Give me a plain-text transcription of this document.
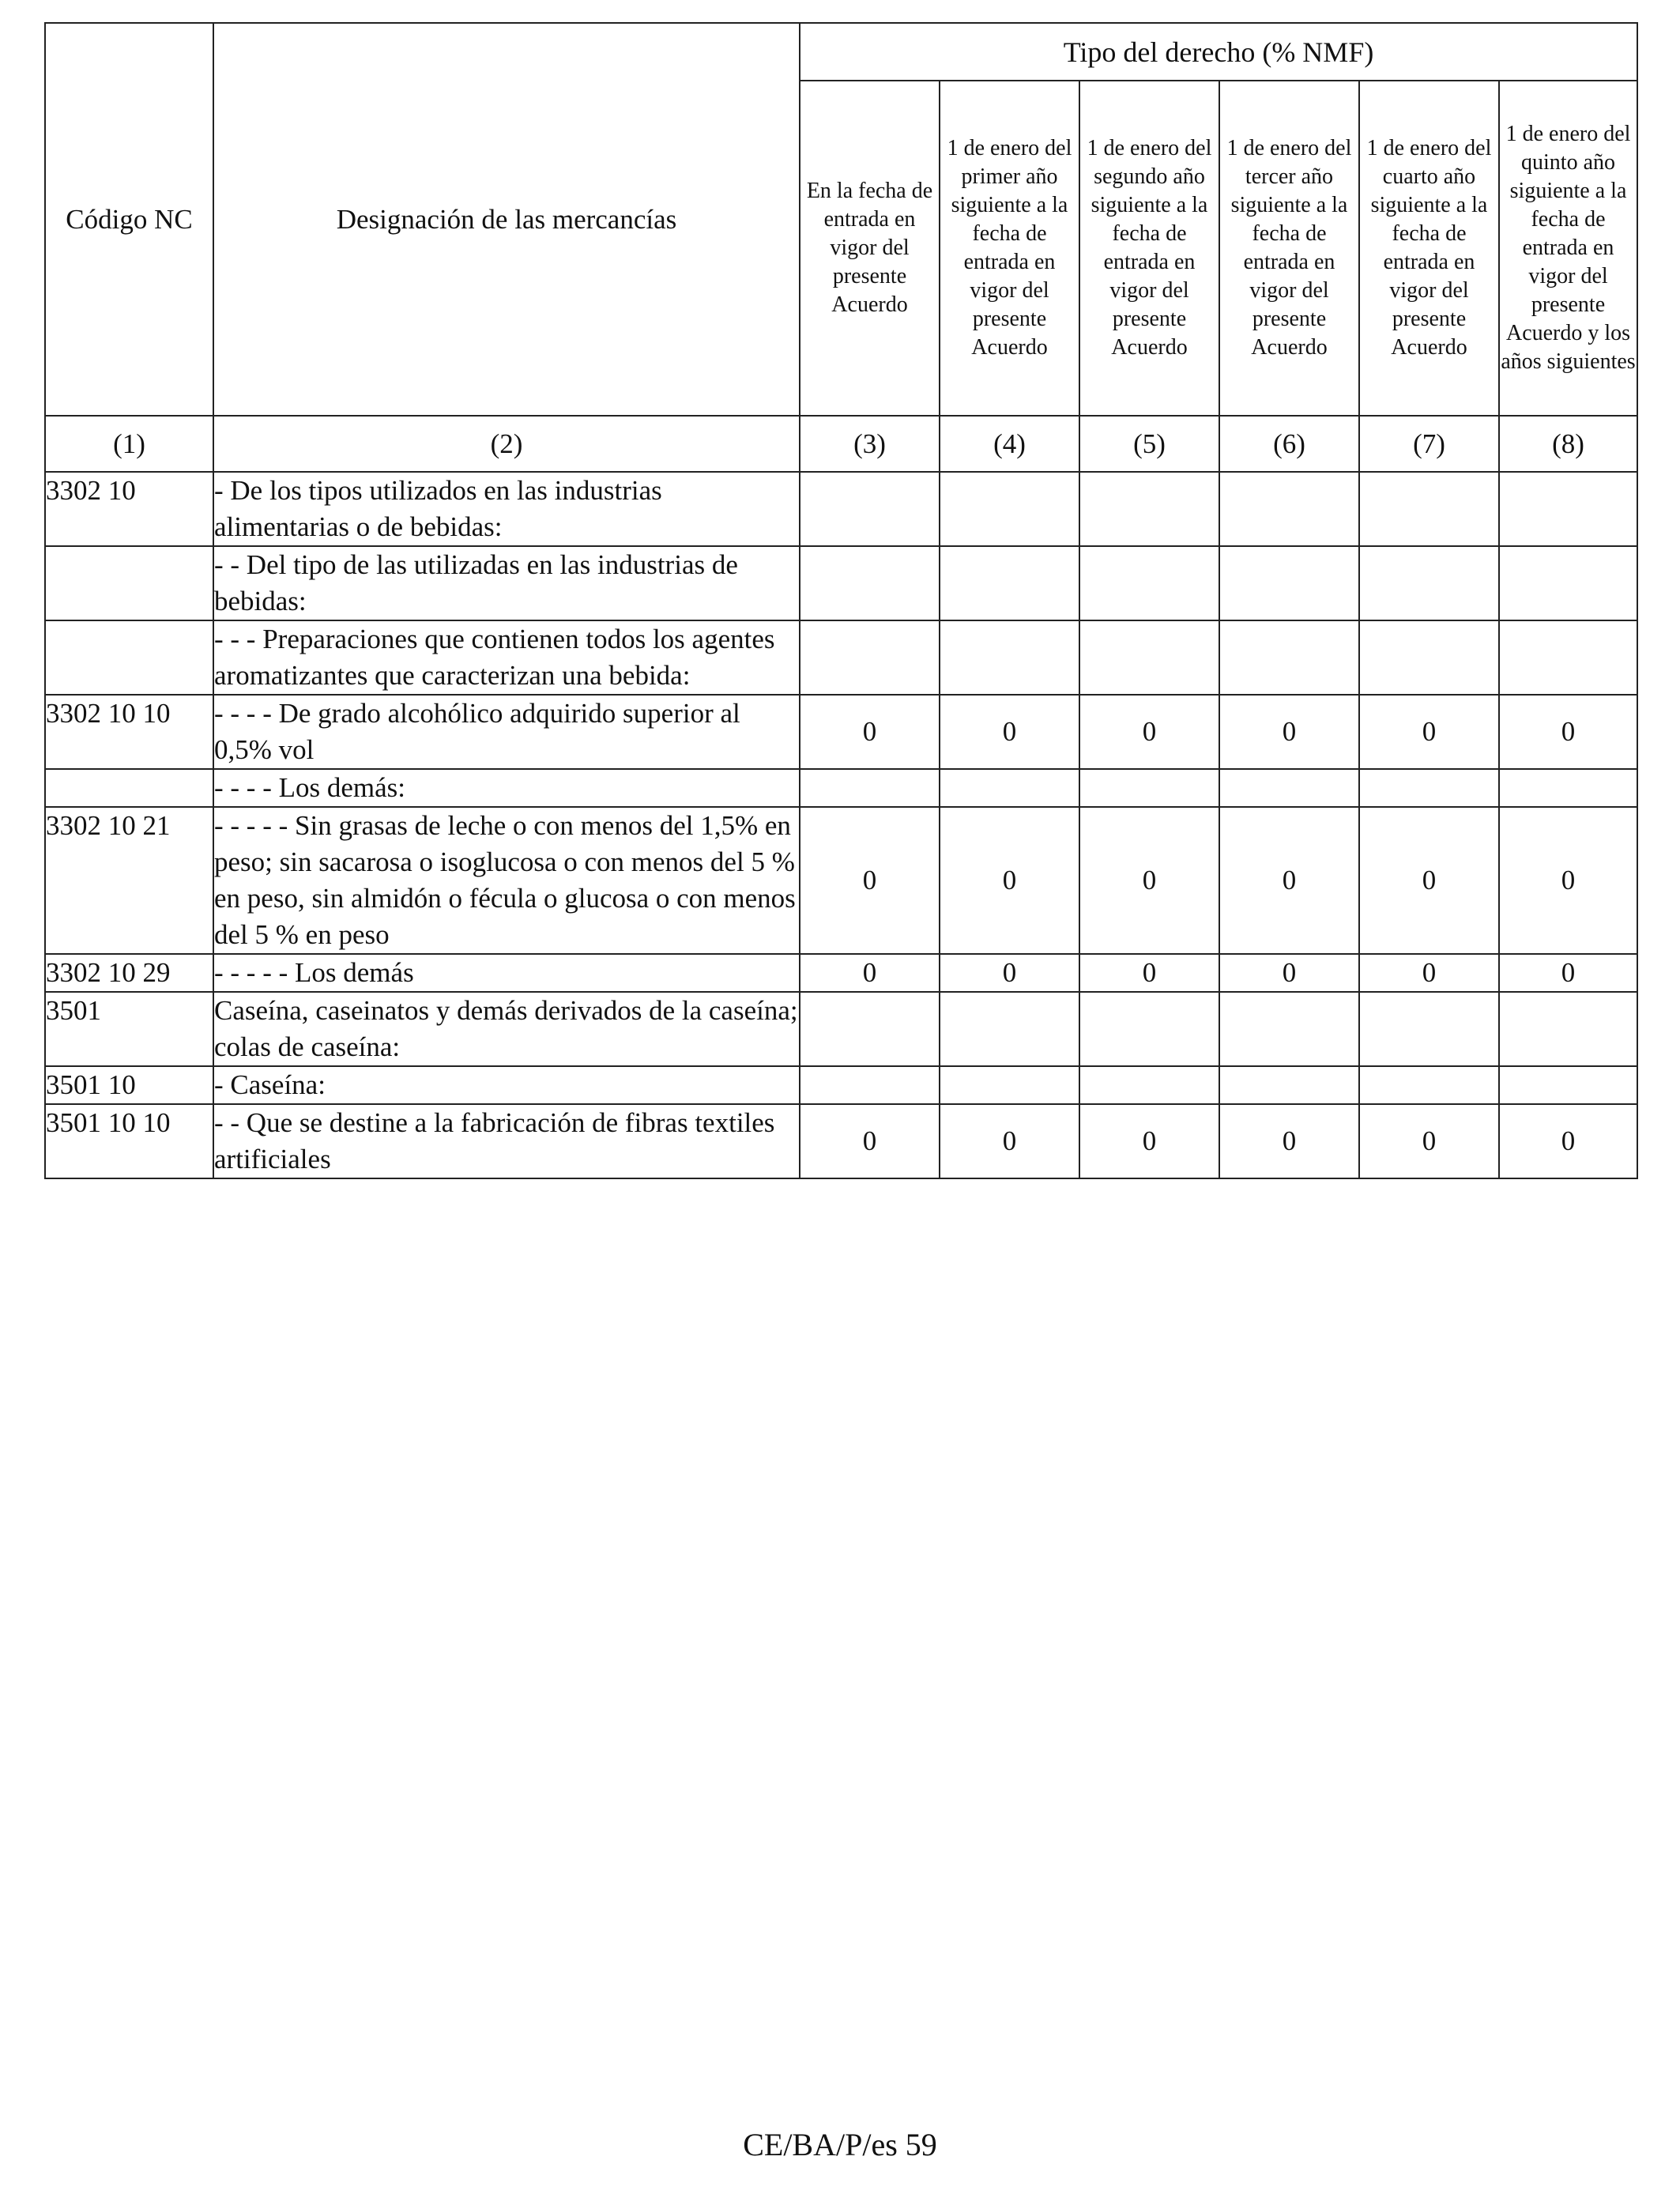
Código NC	Designación de las mercancías	Tipo del derecho (% NMF)					
		En la fecha de entrada en vigor del presente Acuerdo	1 de enero del primer año siguiente a la fecha de entrada en vigor del presente Acuerdo	1 de enero del segundo año siguiente a la fecha de entrada en vigor del presente Acuerdo	1 de enero del tercer año siguiente a la fecha de entrada en vigor del presente Acuerdo	1 de enero del cuarto año siguiente a la fecha de entrada en vigor del presente Acuerdo	1 de enero del quinto año siguiente a la fecha de entrada en vigor del presente Acuerdo y los años siguientes
(1)	(2)	(3)	(4)	(5)	(6)	(7)	(8)
3302 10	- De los tipos utilizados en las industrias alimentarias o de bebidas:						
	- - Del tipo de las utilizadas en las industrias de bebidas:						
	- - - Preparaciones que contienen todos los agentes aromatizantes que caracterizan una bebida:						
3302 10 10	- - - - De grado alcohólico adquirido superior al 0,5% vol	0	0	0	0	0	0
	- - - - Los demás:						
3302 10 21	- - - - - Sin grasas de leche o con menos del 1,5% en peso; sin sacarosa o isoglucosa o con menos del 5 % en peso, sin almidón o fécula o glucosa o con menos del 5 % en peso	0	0	0	0	0	0
3302 10 29	- - - - - Los demás	0	0	0	0	0	0
3501	Caseína, caseinatos y demás derivados de la caseína; colas de caseína:						
3501 10	- Caseína:						
3501 10 10	- - Que se destine a la fabricación de fibras textiles artificiales	0	0	0	0	0	0
CE/BA/P/es 59
